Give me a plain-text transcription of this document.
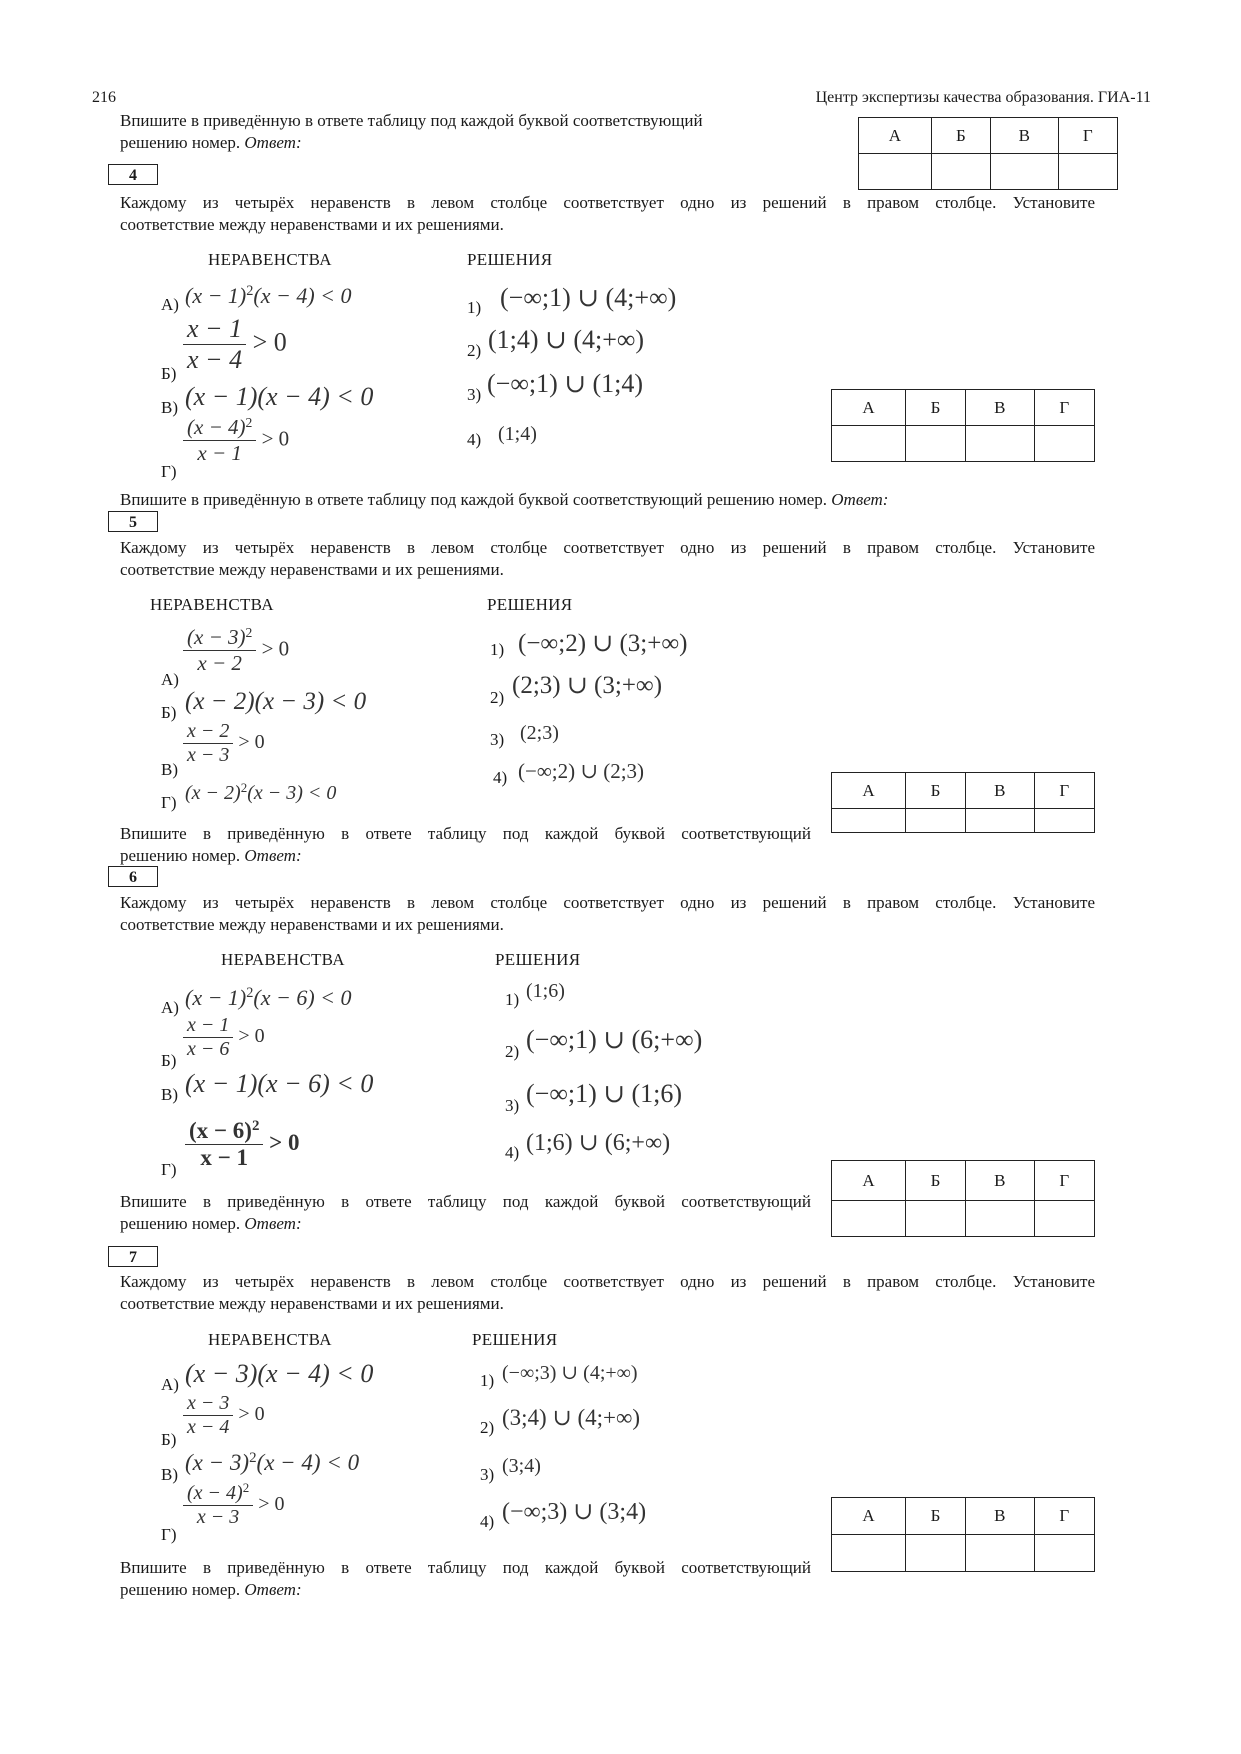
216	Центр экспертизы качества образования. ГИА-11
Впишите в приведённую в ответе таблицу под каждой буквой соответствующий
решению номер. Ответ:	А	Б	В	Г

4
Каждому из четырёх неравенств в левом столбце соответствует одно из решений в правом столбце. Установите
соответствие между неравенствами и их решениями.
НЕРАВЕНСТВА	РЕШЕНИЯ
А) $(x - 1)^2(x - 4) < 0$
$\frac{x - 1}{x - 4} > 0$
Б)
В) (x − 1)(x − 4) < 0
$\frac{(x - 4)^2}{x - 1} > 0$
Г)
1) (−∞;1) ∪ (4;+∞)
2) (1;4) ∪ (4;+∞)
3) (−∞;1) ∪ (1;4)
4) (1;4)
А	Б	В	Г

Впишите в приведённую в ответе таблицу под каждой буквой соответствующий решению номер. Ответ:
5
Каждому из четырёх неравенств в левом столбце соответствует одно из решений в правом столбце. Установите
соответствие между неравенствами и их решениями.
НЕРАВЕНСТВА	РЕШЕНИЯ
$\frac{(x - 3)^2}{x - 2} > 0$
А)
Б) (x − 2)(x − 3) < 0
$\frac{x - 2}{x - 3} > 0$
В)
Г) $(x - 2)^2(x - 3) < 0$
1) (−∞;2) ∪ (3;+∞)
2) (2;3) ∪ (3;+∞)
3) (2;3)
4) (−∞;2) ∪ (2;3)
А	Б	В	Г

Впишите в приведённую в ответе таблицу под каждой буквой соответствующий
решению номер. Ответ:
6
Каждому из четырёх неравенств в левом столбце соответствует одно из решений в правом столбце. Установите
соответствие между неравенствами и их решениями.
НЕРАВЕНСТВА	РЕШЕНИЯ
А) $(x - 1)^2(x - 6) < 0$
$\frac{x - 1}{x - 6} > 0$
Б)
В) (x − 1)(x − 6) < 0
$\frac{(x - 6)^2}{x - 1} > 0$
Г)
1) (1;6)
2) (−∞;1) ∪ (6;+∞)
3) (−∞;1) ∪ (1;6)
4) (1;6) ∪ (6;+∞)
А	Б	В	Г

Впишите в приведённую в ответе таблицу под каждой буквой соответствующий
решению номер. Ответ:
7
Каждому из четырёх неравенств в левом столбце соответствует одно из решений в правом столбце. Установите
соответствие между неравенствами и их решениями.
НЕРАВЕНСТВА	РЕШЕНИЯ
А) (x − 3)(x − 4) < 0
$\frac{x - 3}{x - 4} > 0$
Б)
В) $(x - 3)^2(x - 4) < 0$
$\frac{(x - 4)^2}{x - 3} > 0$
Г)
1) (−∞;3) ∪ (4;+∞)
2) (3;4) ∪ (4;+∞)
3) (3;4)
4) (−∞;3) ∪ (3;4)	А	Б	В	Г

Впишите в приведённую в ответе таблицу под каждой буквой соответствующий
решению номер. Ответ:
